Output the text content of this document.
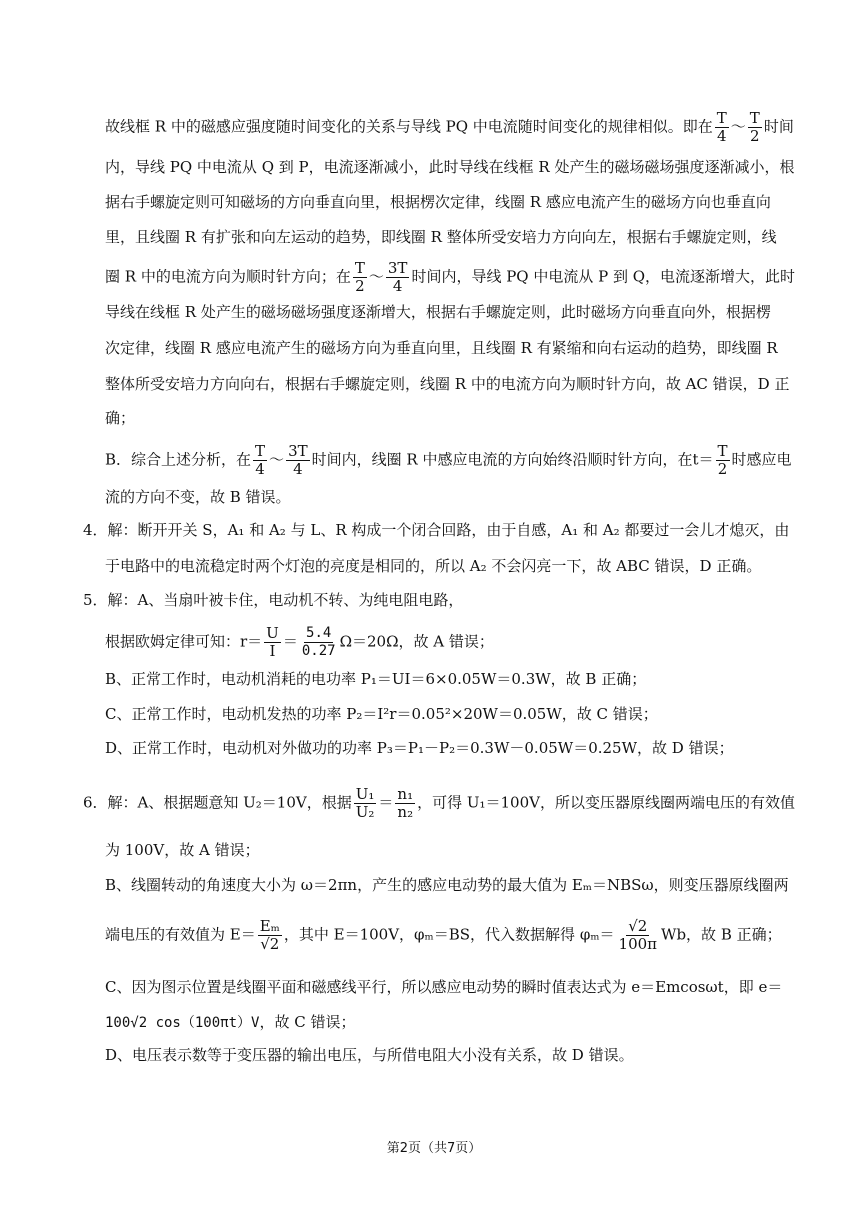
故线框 R 中的磁感应强度随时间变化的关系与导线 PQ 中电流随时间变化的规律相似。即在 $\frac{T}{4}$ ～ $\frac{T}{2}$ 时间
内，导线 PQ 中电流从 Q 到 P，电流逐渐减小，此时导线在线框 R 处产生的磁场磁场强度逐渐减小，根
据右手螺旋定则可知磁场的方向垂直向里，根据楞次定律，线圈 R 感应电流产生的磁场方向也垂直向
里，且线圈 R 有扩张和向左运动的趋势，即线圈 R 整体所受安培力方向向左，根据右手螺旋定则，线
圈 R 中的电流方向为顺时针方向；在 $\frac{T}{2}$ ～ $\frac{3T}{4}$ 时间内，导线 PQ 中电流从 P 到 Q，电流逐渐增大，此时
导线在线框 R 处产生的磁场磁场强度逐渐增大，根据右手螺旋定则，此时磁场方向垂直向外，根据楞
次定律，线圈 R 感应电流产生的磁场方向为垂直向里，且线圈 R 有紧缩和向右运动的趋势，即线圈 R
整体所受安培力方向向右，根据右手螺旋定则，线圈 R 中的电流方向为顺时针方向，故 AC 错误，D 正
确；
B．综合上述分析，在 $\frac{T}{4}$ ～ $\frac{3T}{4}$ 时间内，线圈 R 中感应电流的方向始终沿顺时针方向，在$t= \frac{T}{2}$ 时感应电
流的方向不变，故 B 错误。
4．解：断开开关 S，A₁ 和 A₂ 与 L、R 构成一个闭合回路，由于自感，A₁ 和 A₂ 都要过一会儿才熄灭，由
于电路中的电流稳定时两个灯泡的亮度是相同的，所以 A₂ 不会闪亮一下，故 ABC 错误，D 正确。
5．解：A、当扇叶被卡住，电动机不转、为纯电阻电路，
根据欧姆定律可知：$r= \frac{U}{I} = \frac{5.4}{0.27} \Omega=20\Omega$，故 A 错误；
B、正常工作时，电动机消耗的电功率 P₁＝UI＝6×0.05W＝0.3W，故 B 正确；
C、正常工作时，电动机发热的功率 P₂＝I²r＝0.05²×20W＝0.05W，故 C 错误；
D、正常工作时，电动机对外做功的功率 P₃＝P₁－P₂＝0.3W－0.05W＝0.25W，故 D 错误；
6．解：A、根据题意知 U₂＝10V，根据 $\frac{\text{U₁}}{\text{U₂}} = \frac{\text{n₁}}{\text{n₂}}$ ，可得 U₁＝100V，所以变压器原线圈两端电压的有效值
为 100V，故 A 错误；
B、线圈转动的角速度大小为 ω＝2πn，产生的感应电动势的最大值为 Eₘ＝NBSω，则变压器原线圈两
端电压的有效值为 $E= \frac{\text{Eₘ}}{√2}$ ，其中 E＝100V，φₘ＝BS，代入数据解得 $\varphi_m= \frac{√2}{100\pi}$ Wb，故 B 正确；
C、因为图示位置是线圈平面和磁感线平行，所以感应电动势的瞬时值表达式为 e＝Emcosωt，即 e＝
100√2 cos（100πt）V，故 C 错误；
D、电压表示数等于变压器的输出电压，与所借电阻大小没有关系，故 D 错误。
第2页（共7页）
